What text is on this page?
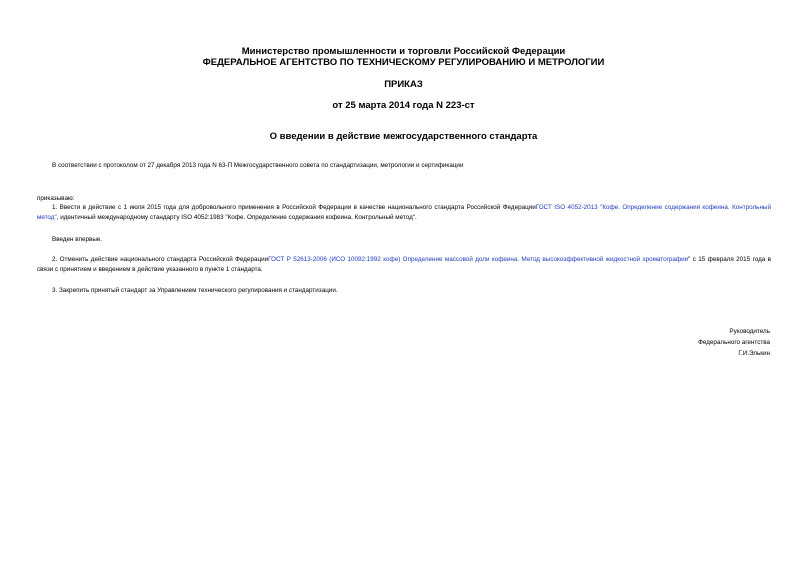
Министерство промышленности и торговли Российской Федерации
ФЕДЕРАЛЬНОЕ АГЕНТСТВО ПО ТЕХНИЧЕСКОМУ РЕГУЛИРОВАНИЮ И МЕТРОЛОГИИ
ПРИКАЗ
от 25 марта 2014 года N 223-ст
О введении в действие межгосударственного стандарта
В соответствии с протоколом от 27 декабря 2013 года N 63-П Межгосударственного совета по стандартизации, метрологии и сертификации
приказываю:
1. Ввести в действие с 1 июля 2015 года для добровольного применения в Российской Федерации в качестве национального стандарта Российской ФедерацииГОСТ ISO 4052-2013 "Кофе. Определение содержания кофеина. Контрольный метод", идентичный международному стандарту ISO 4052:1983 "Кофе. Определение содержания кофеина. Контрольный метод".
Введен впервые.
2. Отменить действие национального стандарта Российской ФедерацииГОСТ Р 52613-2006 (ИСО 10092:1992 кофе) Определение массовой доли кофеина. Метод высокоэффективной жидкостной хроматографии" с 15 февраля 2015 года в связи с принятием и введением в действие указанного в пункте 1 стандарта.
3. Закрепить принятый стандарт за Управлением технического регулирования и стандартизации.
Руководитель
Федерального агентства
Г.И.Элькин
